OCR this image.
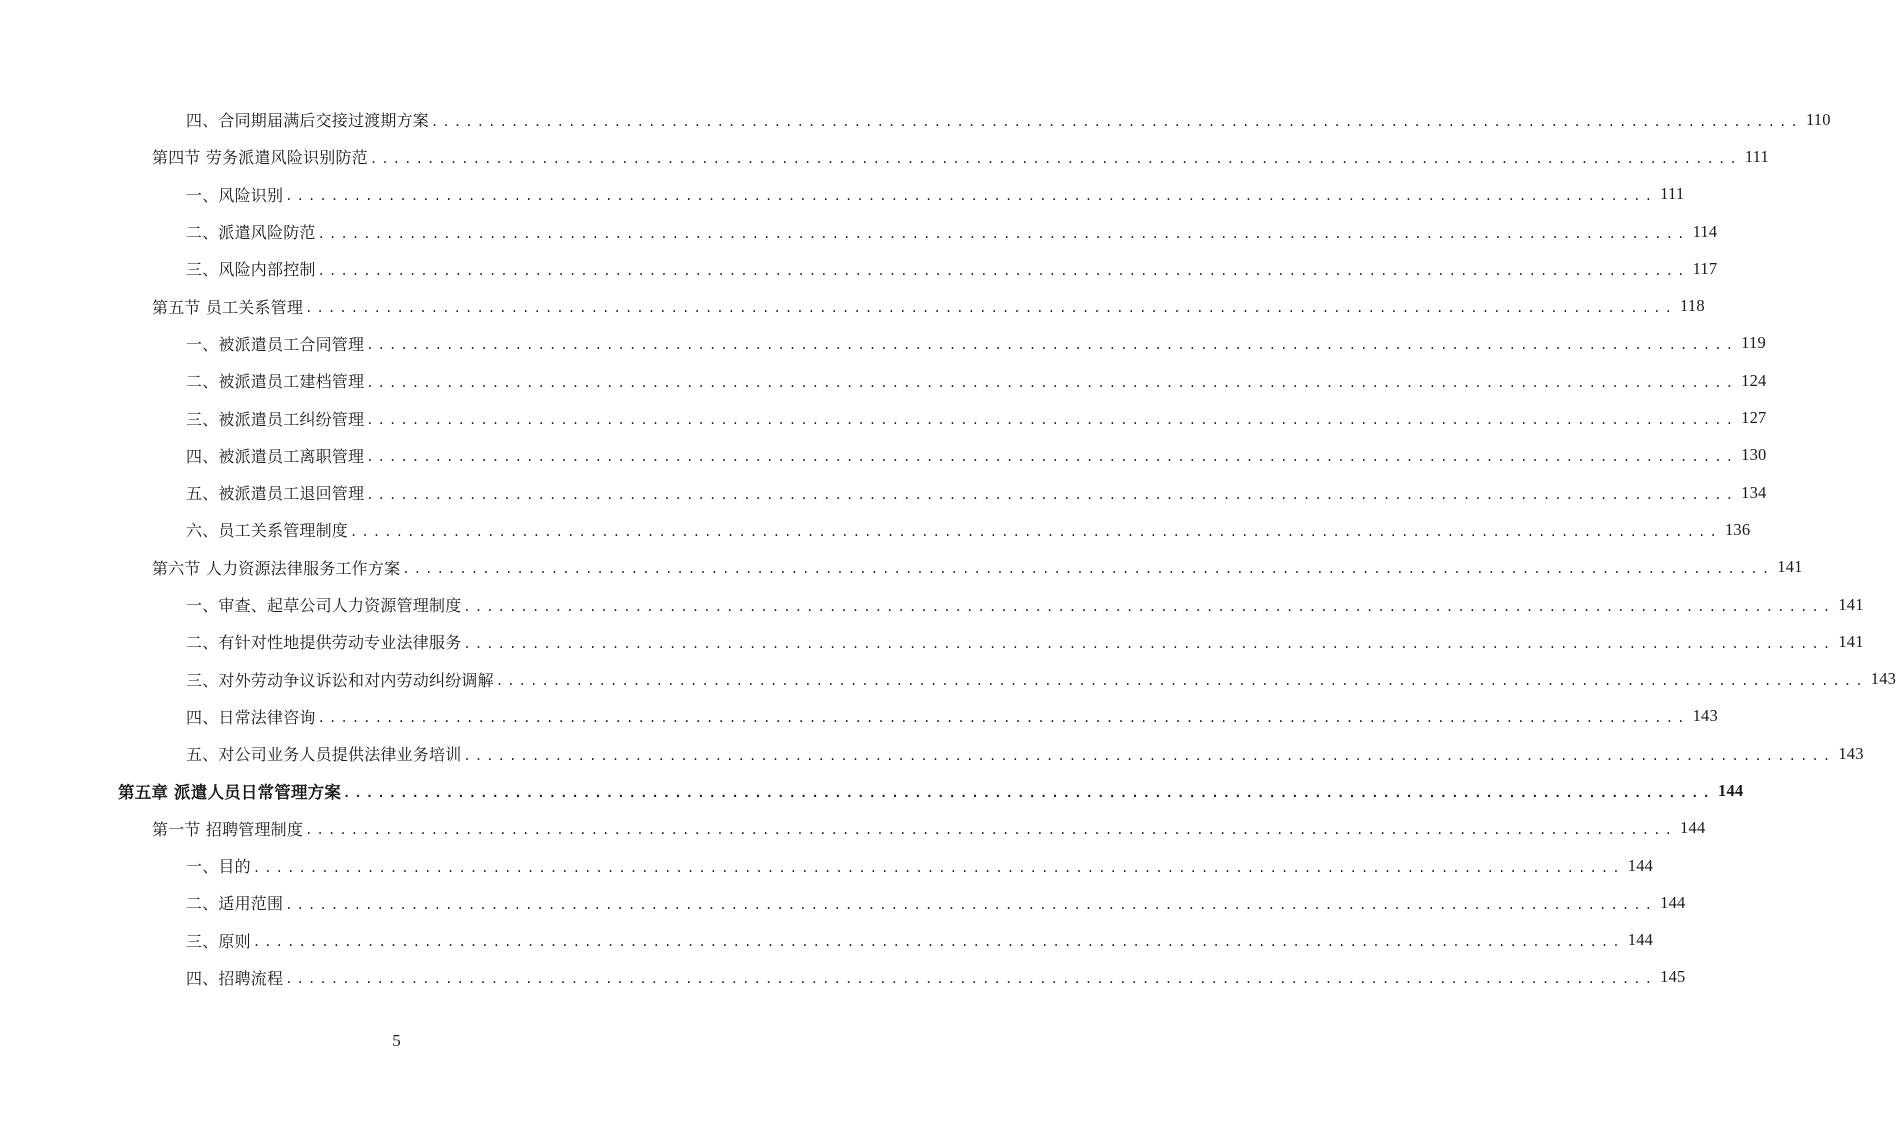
四、合同期届满后交接过渡期方案 ........................................................................................................................ 110
第四节 劳务派遣风险识别防范 ........................................................................................................................ 111
一、风险识别 ........................................................................................................................ 111
二、派遣风险防范 ........................................................................................................................ 114
三、风险内部控制 ........................................................................................................................ 117
第五节 员工关系管理 ........................................................................................................................ 118
一、被派遣员工合同管理 ........................................................................................................................ 119
二、被派遣员工建档管理 ........................................................................................................................ 124
三、被派遣员工纠纷管理 ........................................................................................................................ 127
四、被派遣员工离职管理 ........................................................................................................................ 130
五、被派遣员工退回管理 ........................................................................................................................ 134
六、员工关系管理制度 ........................................................................................................................ 136
第六节 人力资源法律服务工作方案 ........................................................................................................................ 141
一、审查、起草公司人力资源管理制度 ........................................................................................................................ 141
二、有针对性地提供劳动专业法律服务 ........................................................................................................................ 141
三、对外劳动争议诉讼和对内劳动纠纷调解 ........................................................................................................................ 143
四、日常法律咨询 ........................................................................................................................ 143
五、对公司业务人员提供法律业务培训 ........................................................................................................................ 143
第五章 派遣人员日常管理方案 ........................................................................................................................ 144
第一节 招聘管理制度 ........................................................................................................................ 144
一、目的 ........................................................................................................................ 144
二、适用范围 ........................................................................................................................ 144
三、原则 ........................................................................................................................ 144
四、招聘流程 ........................................................................................................................ 145
5
